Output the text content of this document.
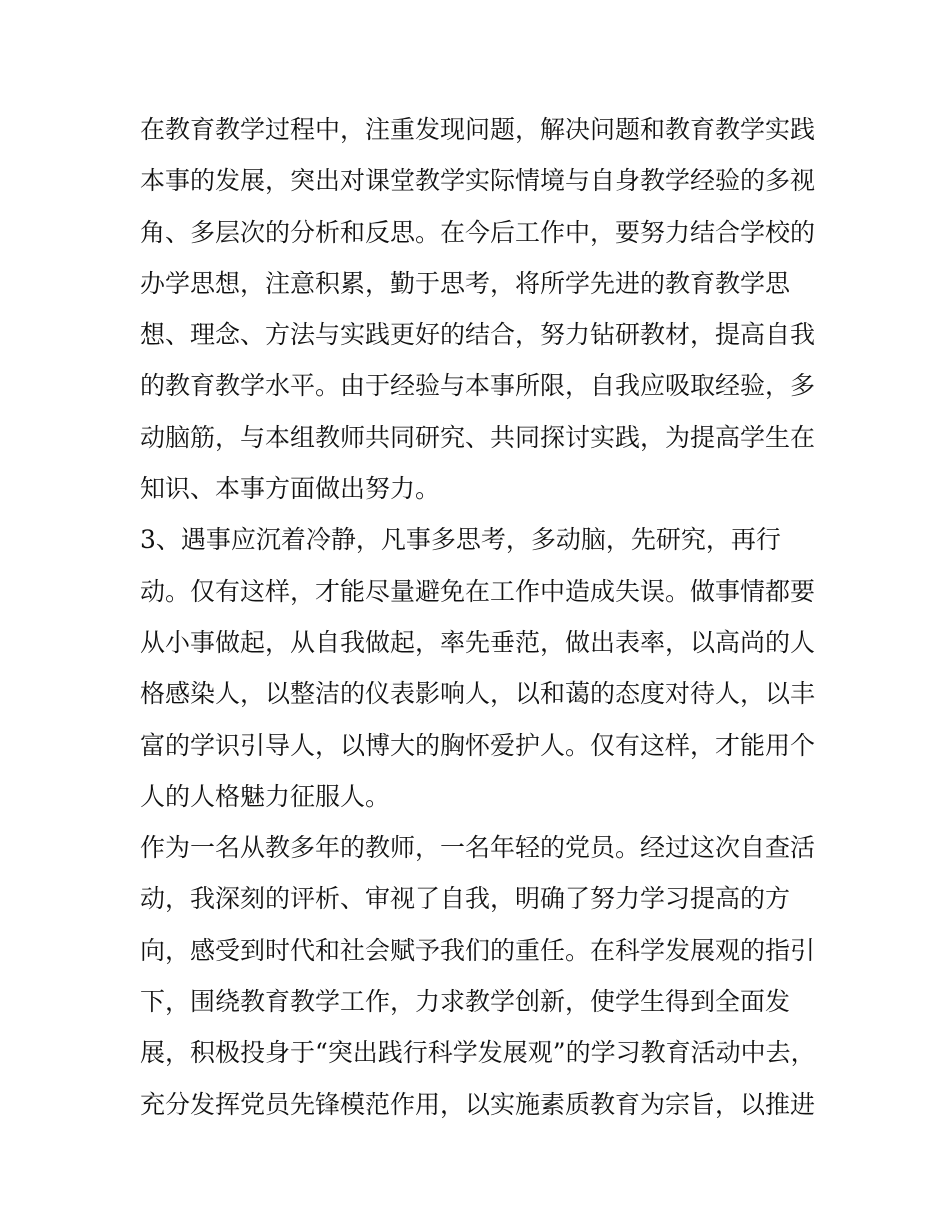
在教育教学过程中，注重发现问题，解决问题和教育教学实践
本事的发展，突出对课堂教学实际情境与自身教学经验的多视
角、多层次的分析和反思。在今后工作中，要努力结合学校的
办学思想，注意积累，勤于思考，将所学先进的教育教学思
想、理念、方法与实践更好的结合，努力钻研教材，提高自我
的教育教学水平。由于经验与本事所限，自我应吸取经验，多
动脑筋，与本组教师共同研究、共同探讨实践，为提高学生在
知识、本事方面做出努力。
3、遇事应沉着冷静，凡事多思考，多动脑，先研究，再行
动。仅有这样，才能尽量避免在工作中造成失误。做事情都要
从小事做起，从自我做起，率先垂范，做出表率，以高尚的人
格感染人，以整洁的仪表影响人，以和蔼的态度对待人，以丰
富的学识引导人，以博大的胸怀爱护人。仅有这样，才能用个
人的人格魅力征服人。
作为一名从教多年的教师，一名年轻的党员。经过这次自查活
动，我深刻的评析、审视了自我，明确了努力学习提高的方
向，感受到时代和社会赋予我们的重任。在科学发展观的指引
下，围绕教育教学工作，力求教学创新，使学生得到全面发
展，积极投身于“突出践行科学发展观”的学习教育活动中去，
充分发挥党员先锋模范作用，以实施素质教育为宗旨，以推进
